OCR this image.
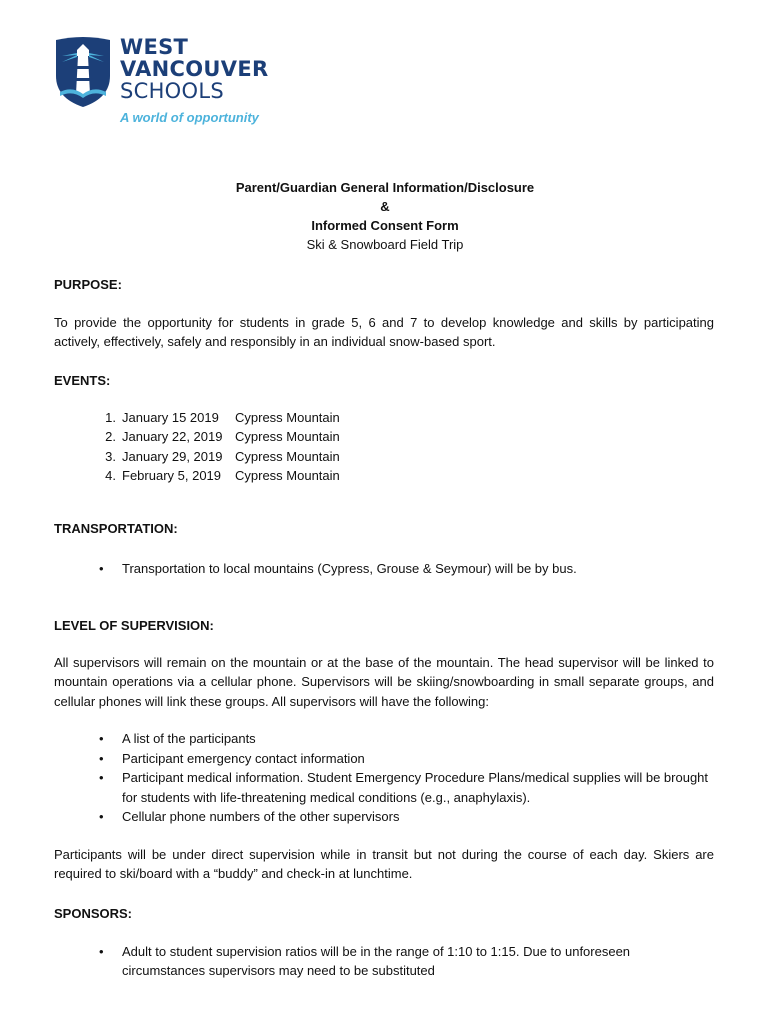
WEST
VANCOUVER
SCHOOLS
A world of opportunity
Parent/Guardian General Information/Disclosure
&
Informed Consent Form
Ski & Snowboard Field Trip
PURPOSE:
To provide the opportunity for students in grade 5, 6 and 7 to develop knowledge and skills by participating actively, effectively, safely and responsibly in an individual snow-based sport.
EVENTS:
1. January 15 2019	Cypress Mountain
2. January 22, 2019 Cypress Mountain
3. January 29, 2019 Cypress Mountain
4. February 5, 2019	Cypress Mountain
TRANSPORTATION:
• Transportation to local mountains (Cypress, Grouse & Seymour) will be by bus.
LEVEL OF SUPERVISION:
All supervisors will remain on the mountain or at the base of the mountain. The head supervisor will be linked to mountain operations via a cellular phone. Supervisors will be skiing/snowboarding in small separate groups, and cellular phones will link these groups. All supervisors will have the following:
• A list of the participants
• Participant emergency contact information
• Participant medical information. Student Emergency Procedure Plans/medical supplies will be brought for students with life-threatening medical conditions (e.g., anaphylaxis).
• Cellular phone numbers of the other supervisors
Participants will be under direct supervision while in transit but not during the course of each day. Skiers are required to ski/board with a “buddy” and check-in at lunchtime.
SPONSORS:
• Adult to student supervision ratios will be in the range of 1:10 to 1:15. Due to unforeseen circumstances supervisors may need to be substituted
